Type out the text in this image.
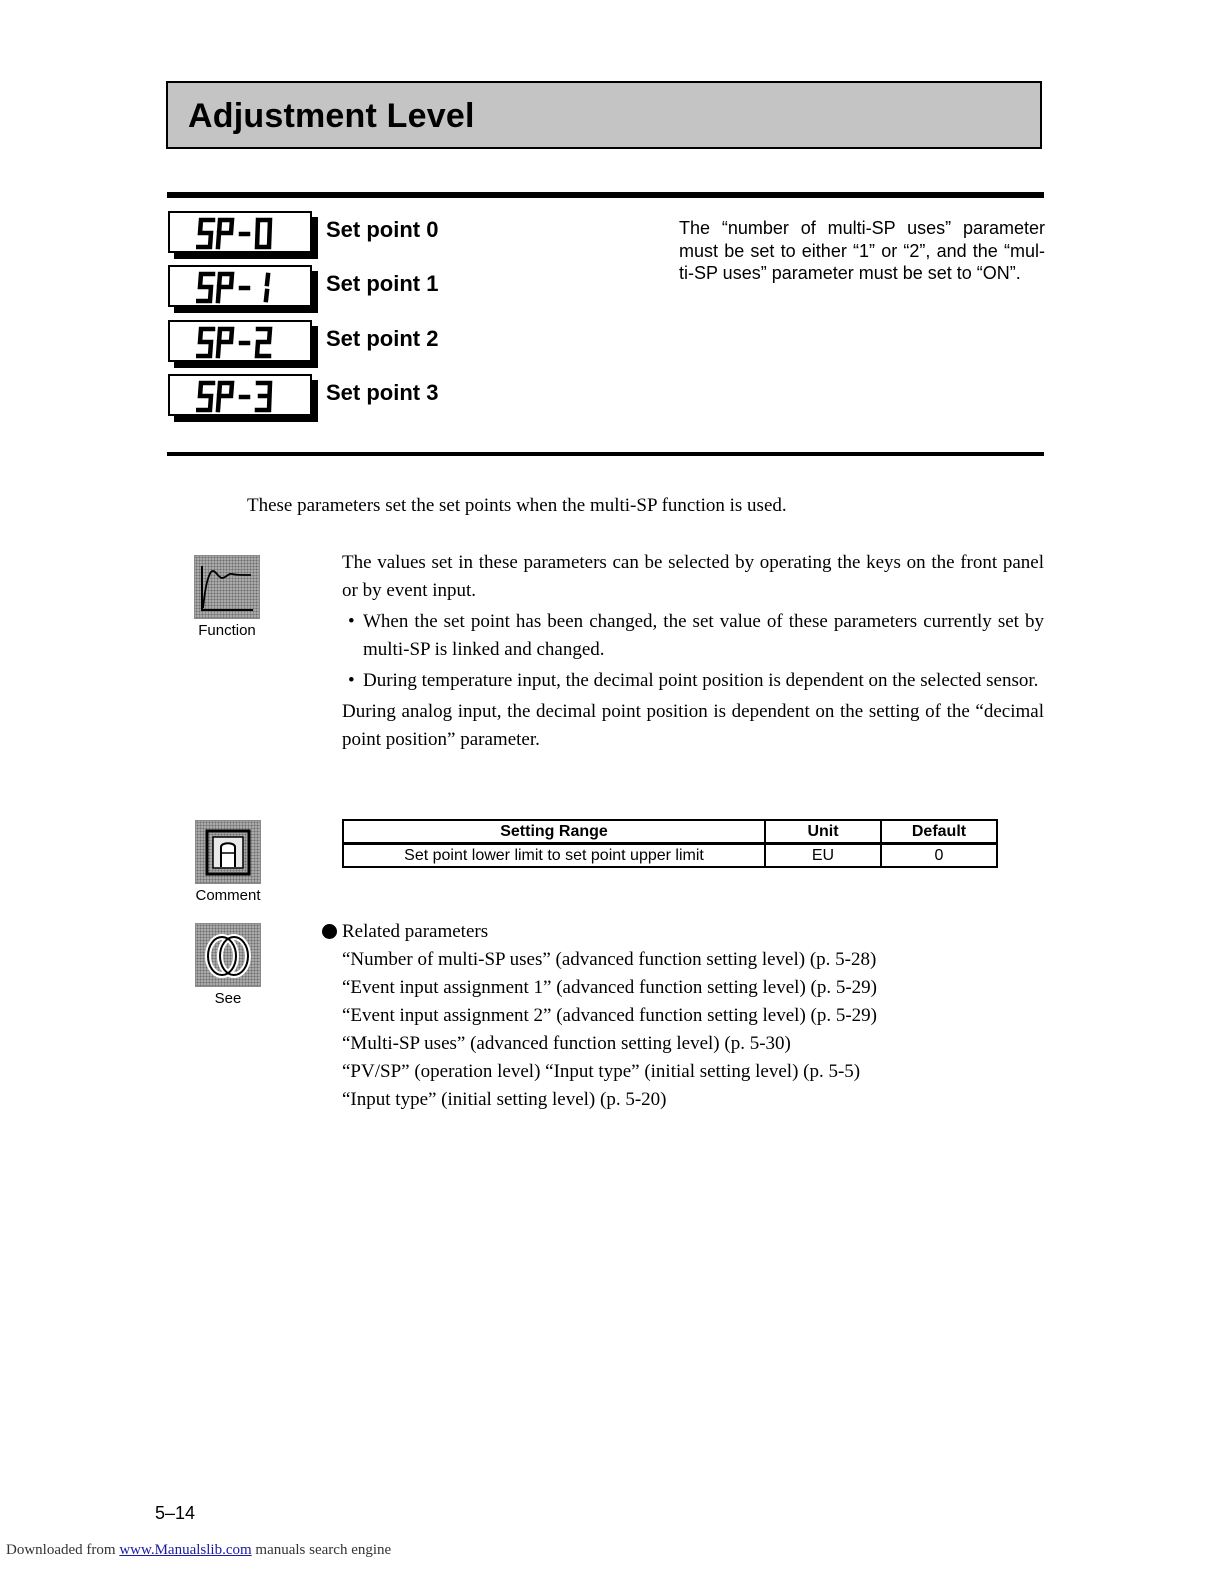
Adjustment Level
Set point 0
Set point 1
Set point 2
Set point 3
The “number of multi-SP uses” parameter must be set to either “1” or “2”, and the “mul-ti-SP uses” parameter must be set to “ON”.
These parameters set the set points when the multi-SP function is used.
Function

The values set in these parameters can be selected by operating the keys on the front panel or by event input.

• When the set point has been changed, the set value of these parameters currently set by multi-SP is linked and changed.

• During temperature input, the decimal point position is dependent on the selected sensor.

During analog input, the decimal point position is dependent on the setting of the “decimal point position” parameter.

Comment
Setting Range	Unit	Default
Set point lower limit to set point upper limit	EU	0
See
Related parameters
“Number of multi-SP uses” (advanced function setting level) (p. 5-28)
“Event input assignment 1” (advanced function setting level) (p. 5-29)
“Event input assignment 2” (advanced function setting level) (p. 5-29)
“Multi-SP uses” (advanced function setting level) (p. 5-30)
“PV/SP” (operation level) “Input type” (initial setting level) (p. 5-5)
“Input type” (initial setting level) (p. 5-20)
5–14
Downloaded from www.Manualslib.com manuals search engine
